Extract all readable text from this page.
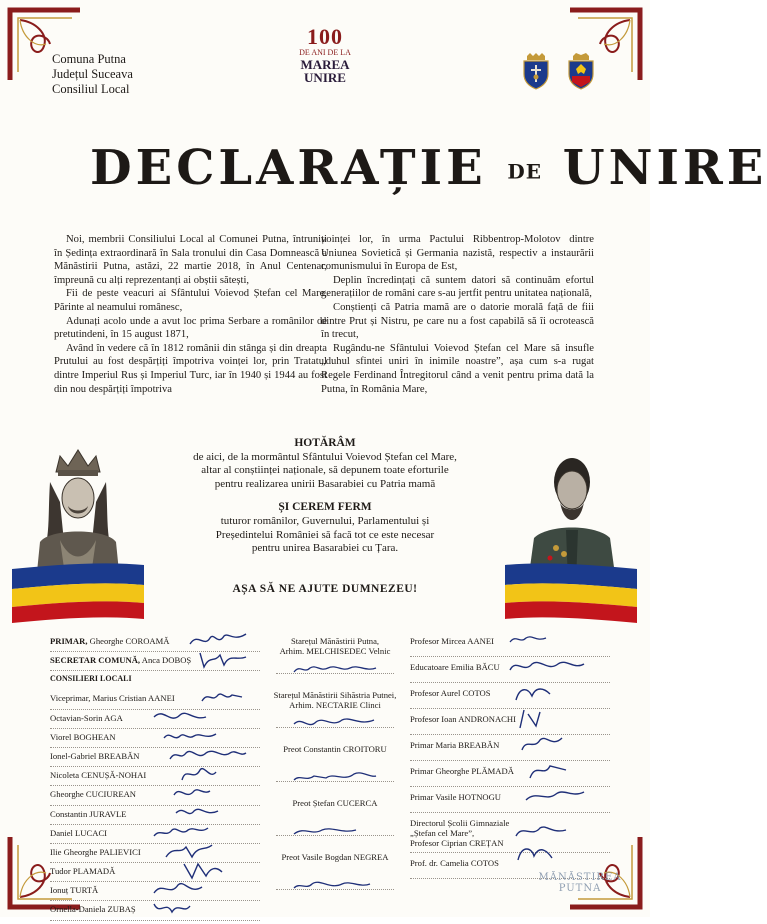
Comuna Putna
Județul Suceava
Consiliul Local
100
DE ANI DE LA
MAREA
UNIRE
DECLARAȚIE DE UNIRE

Noi, membrii Consiliului Local al Comunei Putna, întruniți în Ședința extraordinară în Sala tronului din Casa Domnească a Mănăstirii Putna, astăzi, 22 martie 2018, în Anul Centenar, împreună cu alți reprezentanți ai obștii sătești,

Fii de peste veacuri ai Sfântului Voievod Ștefan cel Mare, Părinte al neamului românesc,

Adunați acolo unde a avut loc prima Serbare a românilor de pretutindeni, în 15 august 1871,

Având în vedere că în 1812 românii din stânga și din dreapta Prutului au fost despărțiți împotriva voinței lor, prin Tratatul dintre Imperiul Rus și Imperiul Turc, iar în 1940 și 1944 au fost din nou despărțiți împotriva

voinței lor, în urma Pactului Ribbentrop-Molotov dintre Uniunea Sovietică și Germania nazistă, respectiv a instaurării comunismului în Europa de Est,

Deplin încredințați că suntem datori să continuăm efortul generațiilor de români care s-au jertfit pentru unitatea națională,

Conștienți că Patria mamă are o datorie morală față de fiii dintre Prut și Nistru, pe care nu a fost capabilă să îi ocrotească în trecut,

Rugându-ne Sfântului Voievod Ștefan cel Mare să insufle „duhul sfintei uniri în inimile noastre”, așa cum s-a rugat Regele Ferdinand Întregitorul când a venit pentru prima dată la Putna, în România Mare,

HOTĂRÂM
de aici, de la mormântul Sfântului Voievod Ștefan cel Mare,
altar al conștiinței naționale, să depunem toate eforturile
pentru realizarea unirii Basarabiei cu Patria mamă
ȘI CEREM FERM
tuturor românilor, Guvernului, Parlamentului și
Președintelui României să facă tot ce este necesar
pentru unirea Basarabiei cu Țara.
AȘA SĂ NE AJUTE DUMNEZEU!
PRIMAR, Gheorghe COROAMĂ
SECRETAR COMUNĂ, Anca DOBOȘ
CONSILIERI LOCALI
Viceprimar, Marius Cristian AANEI
Octavian-Sorin AGA
Viorel BOGHEAN
Ionel-Gabriel BREABĂN
Nicoleta CENUȘĂ-NOHAI
Gheorghe CUCIUREAN
Constantin JURAVLE
Daniel LUCACI
Ilie Gheorghe PALIEVICI
Tudor PLAMADĂ
Ionuț TURTĂ
Ornella-Daniela ZUBAȘ
Starețul Mănăstirii Putna,
Arhim. MELCHISEDEC Velnic
Starețul Mănăstirii Sihăstria Putnei,
Arhim. NECTARIE Clinci
Preot Constantin CROITORU
Preot Ștefan CUCERCA
Preot Vasile Bogdan NEGREA
Profesor Mircea AANEI
Educatoare Emilia BĂCU
Profesor Aurel COTOS
Profesor Ioan ANDRONACHI
Primar Maria BREABĂN
Primar Gheorghe PLĂMADĂ
Primar Vasile HOTNOGU
Directorul Școlii Gimnaziale
„Ștefan cel Mare”,
Profesor Ciprian CREȚAN
Prof. dr. Camelia COTOS
MĂNĂSTIREA
PUTNA
